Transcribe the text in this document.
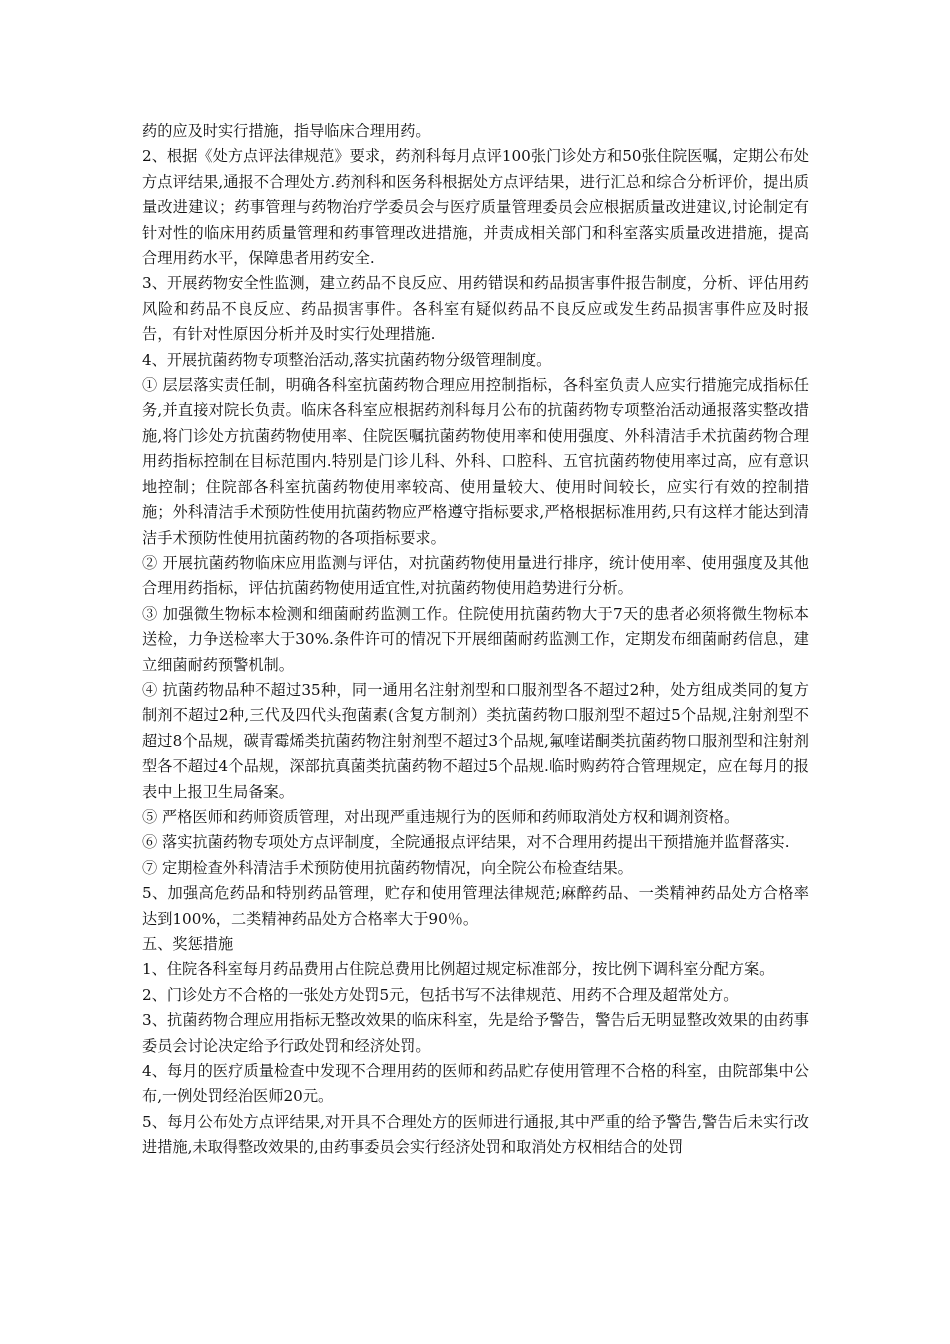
药的应及时实行措施，指导临床合理用药。

2、根据《处方点评法律规范》要求，药剂科每月点评100张门诊处方和50张住院医嘱，定期公布处方点评结果,通报不合理处方.药剂科和医务科根据处方点评结果，进行汇总和综合分析评价，提出质量改进建议；药事管理与药物治疗学委员会与医疗质量管理委员会应根据质量改进建议,讨论制定有针对性的临床用药质量管理和药事管理改进措施，并责成相关部门和科室落实质量改进措施，提高合理用药水平，保障患者用药安全.

3、开展药物安全性监测，建立药品不良反应、用药错误和药品损害事件报告制度，分析、评估用药风险和药品不良反应、药品损害事件。各科室有疑似药品不良反应或发生药品损害事件应及时报告，有针对性原因分析并及时实行处理措施.

4、开展抗菌药物专项整治活动,落实抗菌药物分级管理制度。

① 层层落实责任制，明确各科室抗菌药物合理应用控制指标，各科室负责人应实行措施完成指标任务,并直接对院长负责。临床各科室应根据药剂科每月公布的抗菌药物专项整治活动通报落实整改措施,将门诊处方抗菌药物使用率、住院医嘱抗菌药物使用率和使用强度、外科清洁手术抗菌药物合理用药指标控制在目标范围内.特别是门诊儿科、外科、口腔科、五官抗菌药物使用率过高，应有意识地控制；住院部各科室抗菌药物使用率较高、使用量较大、使用时间较长，应实行有效的控制措施；外科清洁手术预防性使用抗菌药物应严格遵守指标要求,严格根据标准用药,只有这样才能达到清洁手术预防性使用抗菌药物的各项指标要求。

② 开展抗菌药物临床应用监测与评估，对抗菌药物使用量进行排序，统计使用率、使用强度及其他合理用药指标，评估抗菌药物使用适宜性,对抗菌药物使用趋势进行分析。

③ 加强微生物标本检测和细菌耐药监测工作。住院使用抗菌药物大于7天的患者必须将微生物标本送检，力争送检率大于30%.条件许可的情况下开展细菌耐药监测工作，定期发布细菌耐药信息，建立细菌耐药预警机制。

④ 抗菌药物品种不超过35种，同一通用名注射剂型和口服剂型各不超过2种，处方组成类同的复方制剂不超过2种,三代及四代头孢菌素(含复方制剂）类抗菌药物口服剂型不超过5个品规,注射剂型不超过8个品规，碳青霉烯类抗菌药物注射剂型不超过3个品规,氟喹诺酮类抗菌药物口服剂型和注射剂型各不超过4个品规，深部抗真菌类抗菌药物不超过5个品规.临时购药符合管理规定，应在每月的报表中上报卫生局备案。

⑤ 严格医师和药师资质管理，对出现严重违规行为的医师和药师取消处方权和调剂资格。

⑥ 落实抗菌药物专项处方点评制度，全院通报点评结果，对不合理用药提出干预措施并监督落实.

⑦ 定期检查外科清洁手术预防使用抗菌药物情况，向全院公布检查结果。

5、加强高危药品和特别药品管理，贮存和使用管理法律规范;麻醉药品、一类精神药品处方合格率达到100%，二类精神药品处方合格率大于90％。

五、奖惩措施

1、住院各科室每月药品费用占住院总费用比例超过规定标准部分，按比例下调科室分配方案。

2、门诊处方不合格的一张处方处罚5元，包括书写不法律规范、用药不合理及超常处方。

3、抗菌药物合理应用指标无整改效果的临床科室，先是给予警告，警告后无明显整改效果的由药事委员会讨论决定给予行政处罚和经济处罚。

4、每月的医疗质量检查中发现不合理用药的医师和药品贮存使用管理不合格的科室，由院部集中公布,一例处罚经治医师20元。

5、每月公布处方点评结果,对开具不合理处方的医师进行通报,其中严重的给予警告,警告后未实行改进措施,未取得整改效果的,由药事委员会实行经济处罚和取消处方权相结合的处罚
